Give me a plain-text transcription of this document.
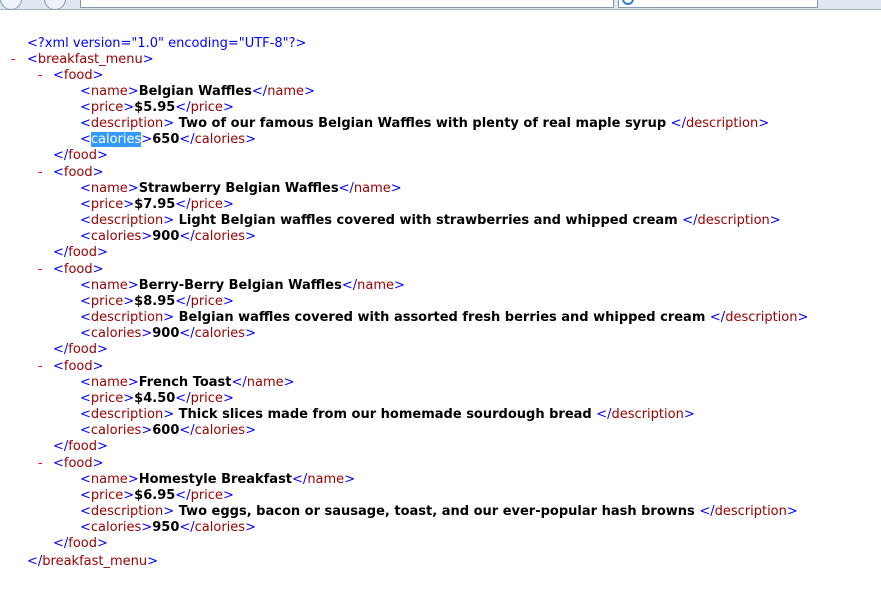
<?xml version="1.0" encoding="UTF-8"?>
- <breakfast_menu>
- <food>
<name>Belgian Waffles</name>
<price>$5.95</price>
<description> Two of our famous Belgian Waffles with plenty of real maple syrup </description>
<calories>650</calories>
</food>
- <food>
<name>Strawberry Belgian Waffles</name>
<price>$7.95</price>
<description> Light Belgian waffles covered with strawberries and whipped cream </description>
<calories>900</calories>
</food>
- <food>
<name>Berry-Berry Belgian Waffles</name>
<price>$8.95</price>
<description> Belgian waffles covered with assorted fresh berries and whipped cream </description>
<calories>900</calories>
</food>
- <food>
<name>French Toast</name>
<price>$4.50</price>
<description> Thick slices made from our homemade sourdough bread </description>
<calories>600</calories>
</food>
- <food>
<name>Homestyle Breakfast</name>
<price>$6.95</price>
<description> Two eggs, bacon or sausage, toast, and our ever-popular hash browns </description>
<calories>950</calories>
</food>
</breakfast_menu>
